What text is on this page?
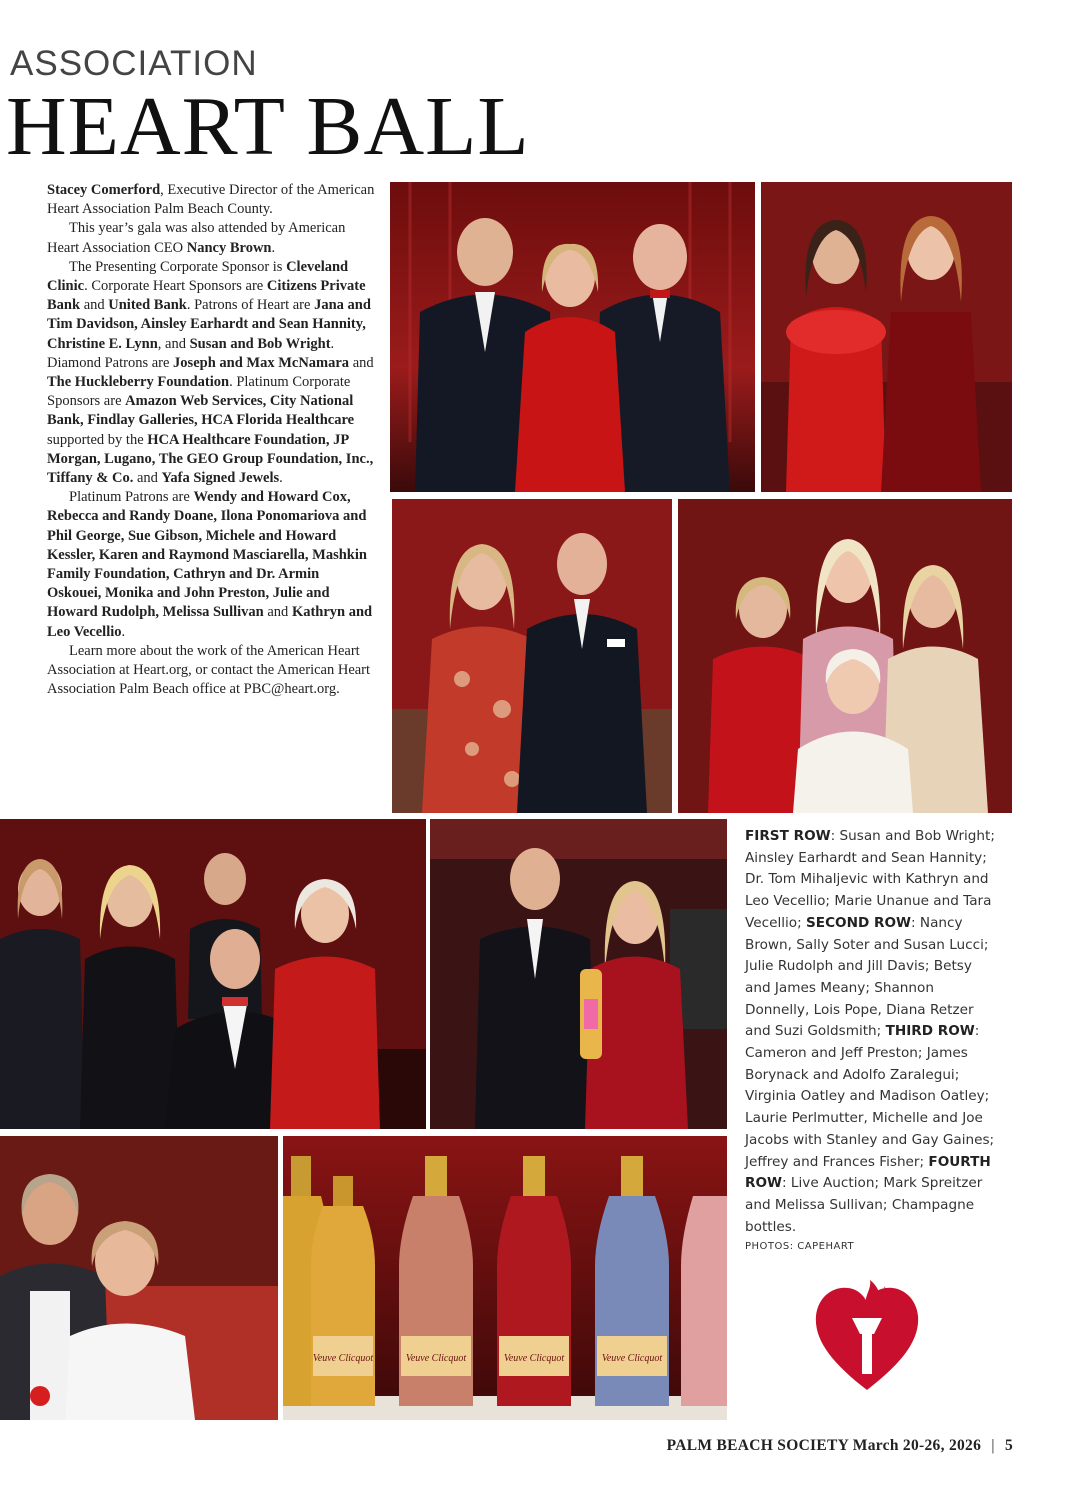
ASSOCIATION
HEART BALL

Stacey Comerford, Executive Director of the American Heart Association Palm Beach County.

This year’s gala was also attended by American Heart Association CEO Nancy Brown.

The Presenting Corporate Sponsor is Cleveland Clinic. Corporate Heart Sponsors are Citizens Private Bank and United Bank. Patrons of Heart are Jana and Tim Davidson, Ainsley Earhardt and Sean Hannity, Christine E. Lynn, and Susan and Bob Wright. Diamond Patrons are Joseph and Max McNamara and The Huckleberry Foundation. Platinum Corporate Sponsors are Amazon Web Services, City National Bank, Findlay Galleries, HCA Florida Healthcare supported by the HCA Healthcare Foundation, JP Morgan, Lugano, The GEO Group Foundation, Inc., Tiffany & Co. and Yafa Signed Jewels.

Platinum Patrons are Wendy and Howard Cox, Rebecca and Randy Doane, Ilona Ponomariova and Phil George, Sue Gibson, Michele and Howard Kessler, Karen and Raymond Masciarella, Mashkin Family Foundation, Cathryn and Dr. Armin Oskouei, Monika and John Preston, Julie and Howard Rudolph, Melissa Sullivan and Kathryn and Leo Vecellio.

Learn more about the work of the American Heart Association at Heart.org, or contact the American Heart Association Palm Beach office at PBC@heart.org.

Veuve Clicquot	Veuve Clicquot	Veuve Clicquot	Veuve Clicquot
FIRST ROW: Susan and Bob Wright; Ainsley Earhardt and Sean Hannity; Dr. Tom Mihaljevic with Kathryn and Leo Vecellio; Marie Unanue and Tara Vecellio; SECOND ROW: Nancy Brown, Sally Soter and Susan Lucci; Julie Rudolph and Jill Davis; Betsy and James Meany; Shannon Donnelly, Lois Pope, Diana Retzer and Suzi Goldsmith; THIRD ROW: Cameron and Jeff Preston; James Borynack and Adolfo Zaralegui; Virginia Oatley and Madison Oatley; Laurie Perlmutter, Michelle and Joe Jacobs with Stanley and Gay Gaines; Jeffrey and Frances Fisher; FOURTH ROW: Live Auction; Mark Spreitzer and Melissa Sullivan; Champagne bottles.
PHOTOS: CAPEHART
PALM BEACH SOCIETY March 20-26, 2026 | 5
